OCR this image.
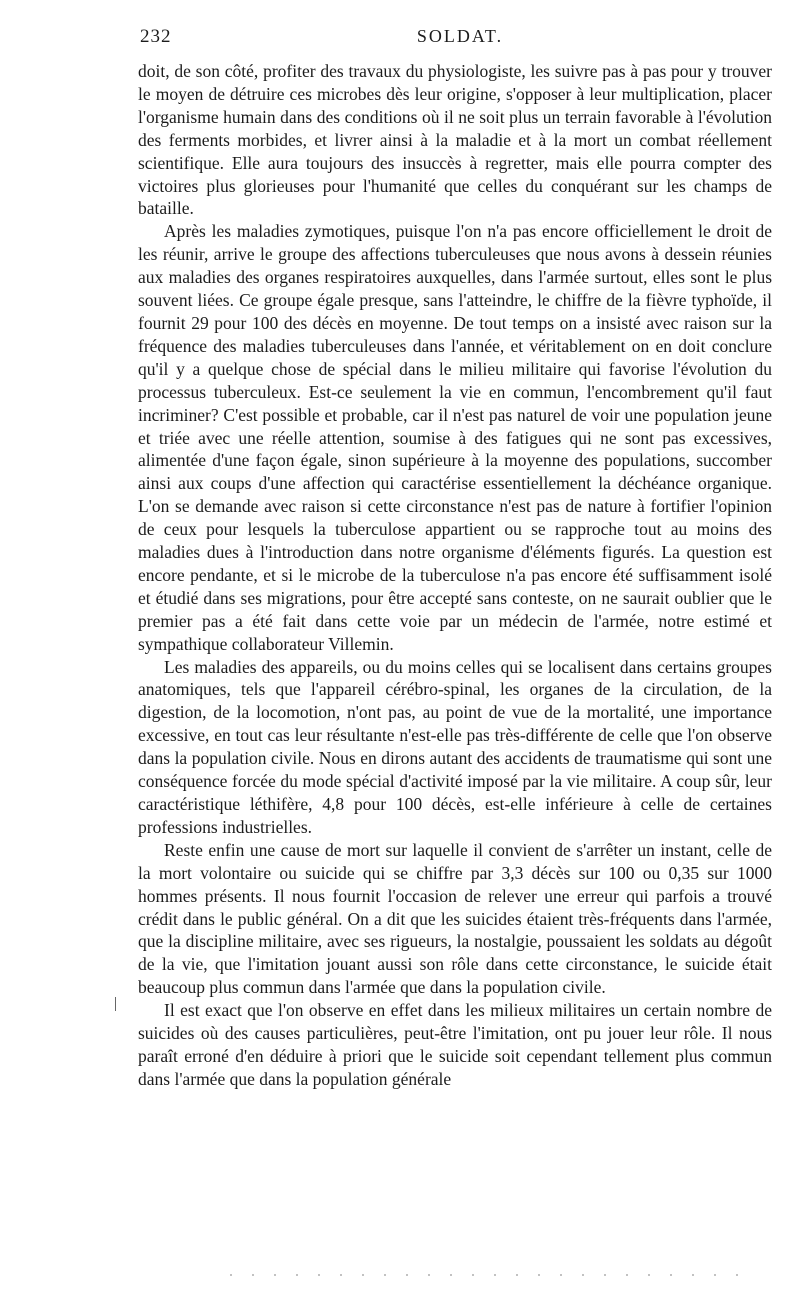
232	SOLDAT.

doit, de son côté, profiter des travaux du physiologiste, les suivre pas à pas pour y trouver le moyen de détruire ces microbes dès leur origine, s'opposer à leur multiplication, placer l'organisme humain dans des conditions où il ne soit plus un terrain favorable à l'évolution des ferments morbides, et livrer ainsi à la maladie et à la mort un combat réellement scientifique. Elle aura toujours des insuccès à regretter, mais elle pourra compter des victoires plus glorieuses pour l'humanité que celles du conquérant sur les champs de bataille.

Après les maladies zymotiques, puisque l'on n'a pas encore officiellement le droit de les réunir, arrive le groupe des affections tuberculeuses que nous avons à dessein réunies aux maladies des organes respiratoires auxquelles, dans l'armée surtout, elles sont le plus souvent liées. Ce groupe égale presque, sans l'atteindre, le chiffre de la fièvre typhoïde, il fournit 29 pour 100 des décès en moyenne. De tout temps on a insisté avec raison sur la fréquence des maladies tuberculeuses dans l'année, et véritablement on en doit conclure qu'il y a quelque chose de spécial dans le milieu militaire qui favorise l'évolution du processus tuberculeux. Est-ce seulement la vie en commun, l'encombrement qu'il faut incriminer? C'est possible et probable, car il n'est pas naturel de voir une population jeune et triée avec une réelle attention, soumise à des fatigues qui ne sont pas excessives, alimentée d'une façon égale, sinon supérieure à la moyenne des populations, succomber ainsi aux coups d'une affection qui caractérise essentiellement la déchéance organique. L'on se demande avec raison si cette circonstance n'est pas de nature à fortifier l'opinion de ceux pour lesquels la tuberculose appartient ou se rapproche tout au moins des maladies dues à l'introduction dans notre organisme d'éléments figurés. La question est encore pendante, et si le microbe de la tuberculose n'a pas encore été suffisamment isolé et étudié dans ses migrations, pour être accepté sans conteste, on ne saurait oublier que le premier pas a été fait dans cette voie par un médecin de l'armée, notre estimé et sympathique collaborateur Villemin.

Les maladies des appareils, ou du moins celles qui se localisent dans certains groupes anatomiques, tels que l'appareil cérébro-spinal, les organes de la circulation, de la digestion, de la locomotion, n'ont pas, au point de vue de la mortalité, une importance excessive, en tout cas leur résultante n'est-elle pas très-différente de celle que l'on observe dans la population civile. Nous en dirons autant des accidents de traumatisme qui sont une conséquence forcée du mode spécial d'activité imposé par la vie militaire. A coup sûr, leur caractéristique léthifère, 4,8 pour 100 décès, est-elle inférieure à celle de certaines professions industrielles.

Reste enfin une cause de mort sur laquelle il convient de s'arrêter un instant, celle de la mort volontaire ou suicide qui se chiffre par 3,3 décès sur 100 ou 0,35 sur 1000 hommes présents. Il nous fournit l'occasion de relever une erreur qui parfois a trouvé crédit dans le public général. On a dit que les suicides étaient très-fréquents dans l'armée, que la discipline militaire, avec ses rigueurs, la nostalgie, poussaient les soldats au dégoût de la vie, que l'imitation jouant aussi son rôle dans cette circonstance, le suicide était beaucoup plus commun dans l'armée que dans la population civile.

Il est exact que l'on observe en effet dans les milieux militaires un certain nombre de suicides où des causes particulières, peut-être l'imitation, ont pu jouer leur rôle. Il nous paraît erroné d'en déduire à priori que le suicide soit cependant tellement plus commun dans l'armée que dans la population générale
